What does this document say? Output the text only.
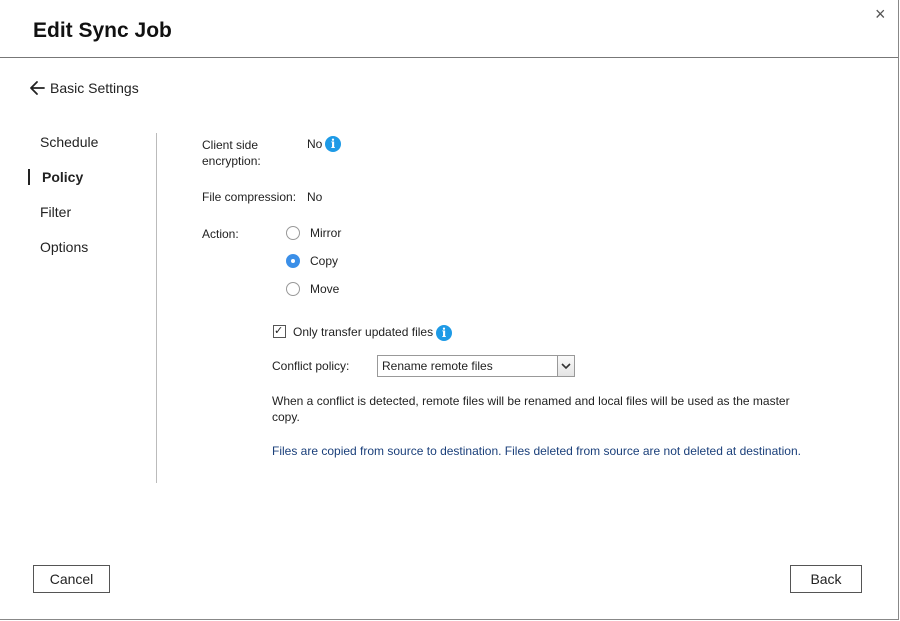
Edit Sync Job
×
Basic Settings
Schedule
Policy
Filter
Options
Client side encryption:
No i
File compression: No
Action:	Mirror
Copy
Move
✓ Only transfer updated files i
Conflict policy:	Rename remote files
When a conflict is detected, remote files will be renamed and local files will be used as the master copy.
Files are copied from source to destination. Files deleted from source are not deleted at destination.
Cancel	Back
